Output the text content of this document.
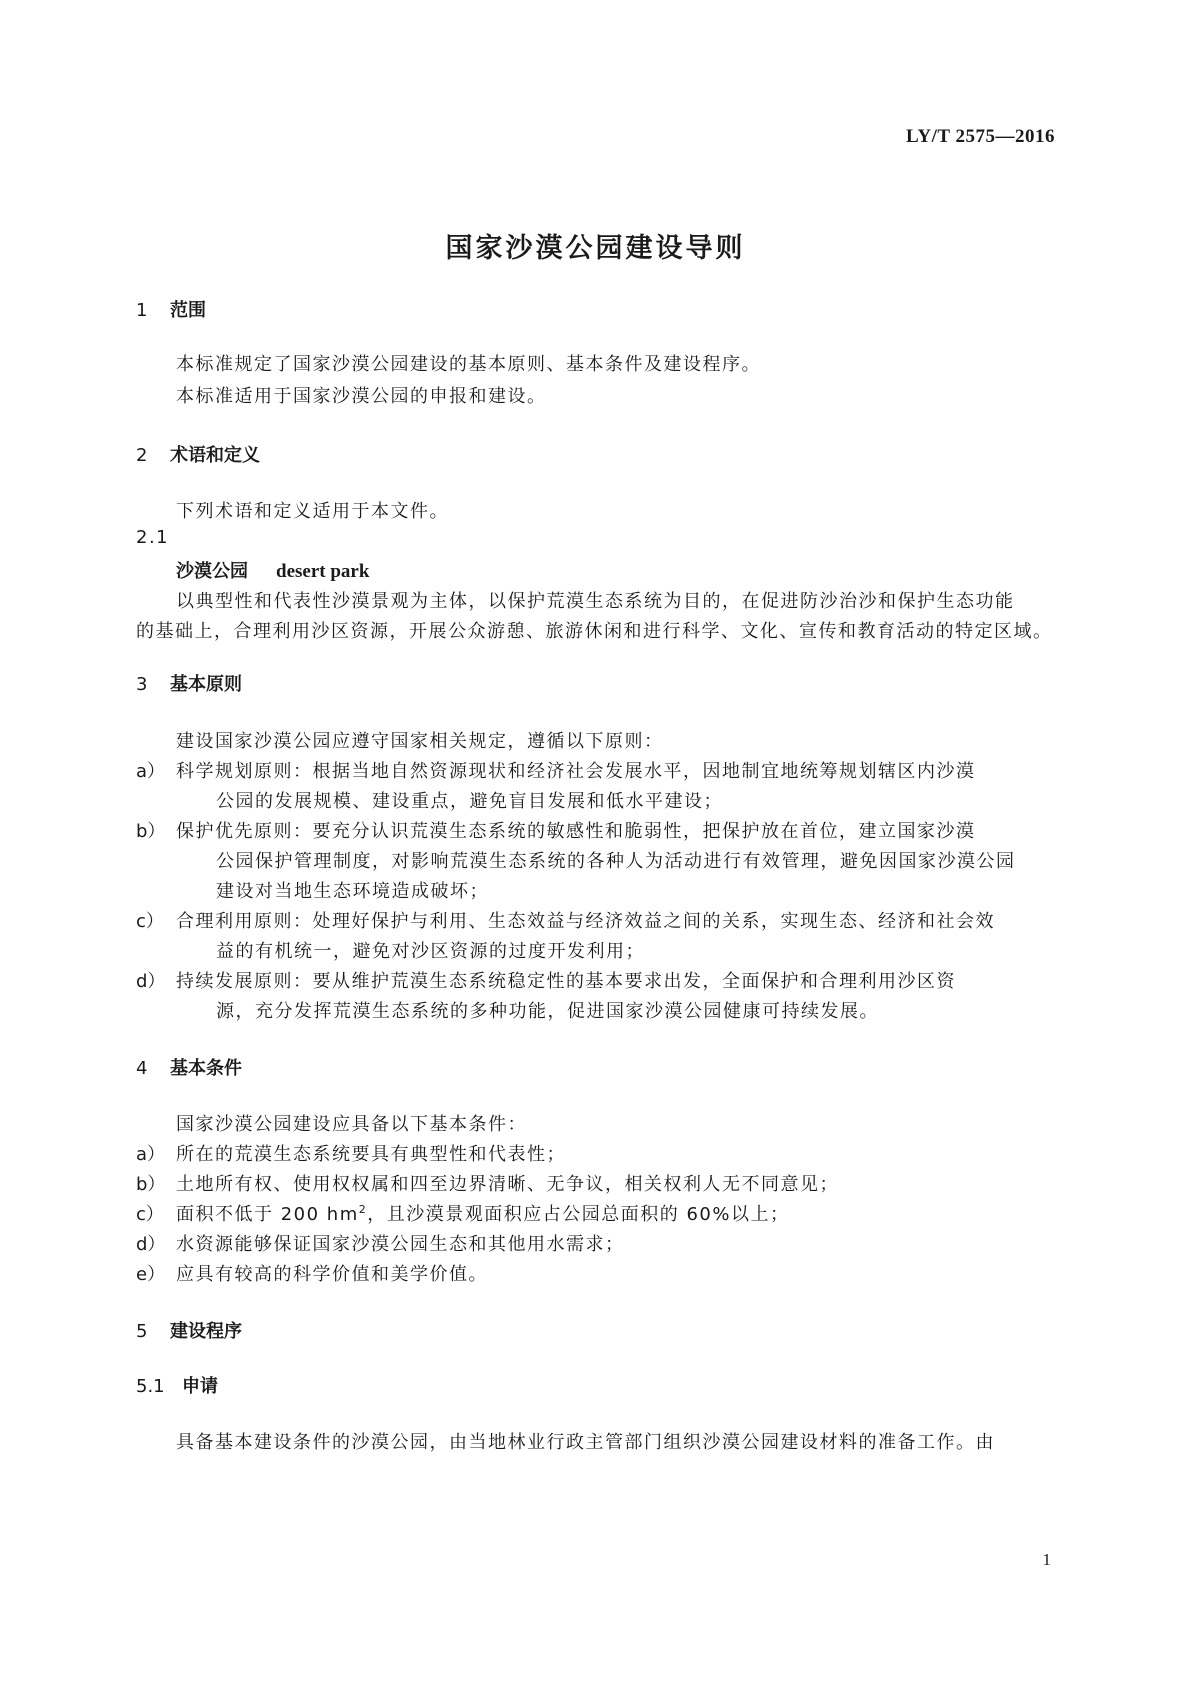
LY/T 2575—2016
国家沙漠公园建设导则
1 范围
本标准规定了国家沙漠公园建设的基本原则、基本条件及建设程序。
本标准适用于国家沙漠公园的申报和建设。
2 术语和定义
下列术语和定义适用于本文件。
2.1
沙漠公园 desert park
以典型性和代表性沙漠景观为主体，以保护荒漠生态系统为目的，在促进防沙治沙和保护生态功能
的基础上，合理利用沙区资源，开展公众游憩、旅游休闲和进行科学、文化、宣传和教育活动的特定区域。
3 基本原则
建设国家沙漠公园应遵守国家相关规定，遵循以下原则：
a） 科学规划原则：根据当地自然资源现状和经济社会发展水平，因地制宜地统筹规划辖区内沙漠
公园的发展规模、建设重点，避免盲目发展和低水平建设；
b） 保护优先原则：要充分认识荒漠生态系统的敏感性和脆弱性，把保护放在首位，建立国家沙漠
公园保护管理制度，对影响荒漠生态系统的各种人为活动进行有效管理，避免因国家沙漠公园
建设对当地生态环境造成破坏；
c） 合理利用原则：处理好保护与利用、生态效益与经济效益之间的关系，实现生态、经济和社会效
益的有机统一，避免对沙区资源的过度开发利用；
d） 持续发展原则：要从维护荒漠生态系统稳定性的基本要求出发，全面保护和合理利用沙区资
源，充分发挥荒漠生态系统的多种功能，促进国家沙漠公园健康可持续发展。
4 基本条件
国家沙漠公园建设应具备以下基本条件：
a） 所在的荒漠生态系统要具有典型性和代表性；
b） 土地所有权、使用权权属和四至边界清晰、无争议，相关权利人无不同意见；
c） 面积不低于 200 $hm^2$，且沙漠景观面积应占公园总面积的 60%以上；
d） 水资源能够保证国家沙漠公园生态和其他用水需求；
e） 应具有较高的科学价值和美学价值。
5 建设程序
5.1 申请
具备基本建设条件的沙漠公园，由当地林业行政主管部门组织沙漠公园建设材料的准备工作。由
1
